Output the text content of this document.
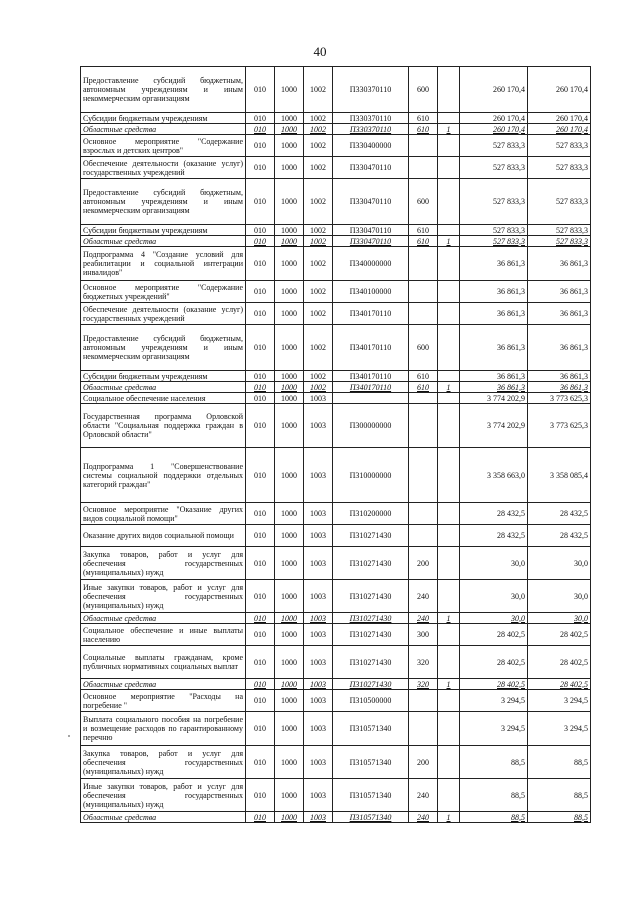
40
Предоставление субсидий бюджетным, автономным учреждениям и иным некоммерческим организациям	010	1000	1002	П330370110	600		260 170,4	260 170,4
Субсидии бюджетным учреждениям	010	1000	1002	П330370110	610		260 170,4	260 170,4
Областные средства	010	1000	1002	П330370110	610	1	260 170,4	260 170,4
Основное мероприятие "Содержание взрослых и детских центров"	010	1000	1002	П330400000			527 833,3	527 833,3
Обеспечение деятельности (оказание услуг) государственных учреждений	010	1000	1002	П330470110			527 833,3	527 833,3
Предоставление субсидий бюджетным, автономным учреждениям и иным некоммерческим организациям	010	1000	1002	П330470110	600		527 833,3	527 833,3
Субсидии бюджетным учреждениям	010	1000	1002	П330470110	610		527 833,3	527 833,3
Областные средства	010	1000	1002	П330470110	610	1	527 833,3	527 833,3
Подпрограмма 4 "Создание условий для реабилитации и социальной интеграции инвалидов"	010	1000	1002	П340000000			36 861,3	36 861,3
Основное мероприятие "Содержание бюджетных учреждений"	010	1000	1002	П340100000			36 861,3	36 861,3
Обеспечение деятельности (оказание услуг) государственных учреждений	010	1000	1002	П340170110			36 861,3	36 861,3
Предоставление субсидий бюджетным, автономным учреждениям и иным некоммерческим организациям	010	1000	1002	П340170110	600		36 861,3	36 861,3
Субсидии бюджетным учреждениям	010	1000	1002	П340170110	610		36 861,3	36 861,3
Областные средства	010	1000	1002	П340170110	610	1	36 861,3	36 861,3
Социальное обеспечение населения	010	1000	1003				3 774 202,9	3 773 625,3
Государственная программа Орловской области "Социальная поддержка граждан в Орловской области"	010	1000	1003	П300000000			3 774 202,9	3 773 625,3
Подпрограмма 1 "Совершенствование системы социальной поддержки отдельных категорий граждан"	010	1000	1003	П310000000			3 358 663,0	3 358 085,4
Основное мероприятие "Оказание других видов социальной помощи"	010	1000	1003	П310200000			28 432,5	28 432,5
Оказание других видов социальной помощи	010	1000	1003	П310271430			28 432,5	28 432,5
Закупка товаров, работ и услуг для обеспечения государственных (муниципальных) нужд	010	1000	1003	П310271430	200		30,0	30,0
Иные закупки товаров, работ и услуг для обеспечения государственных (муниципальных) нужд	010	1000	1003	П310271430	240		30,0	30,0
Областные средства	010	1000	1003	П310271430	240	1	30,0	30,0
Социальное обеспечение и иные выплаты населению	010	1000	1003	П310271430	300		28 402,5	28 402,5
Социальные выплаты гражданам, кроме публичных нормативных социальных выплат	010	1000	1003	П310271430	320		28 402,5	28 402,5
Областные средства	010	1000	1003	П310271430	320	1	28 402,5	28 402,5
Основное мероприятие "Расходы на погребение "	010	1000	1003	П310500000			3 294,5	3 294,5
Выплата социального пособия на погребение и возмещение расходов по гарантированному перечню	010	1000	1003	П310571340			3 294,5	3 294,5
Закупка товаров, работ и услуг для обеспечения государственных (муниципальных) нужд	010	1000	1003	П310571340	200		88,5	88,5
Иные закупки товаров, работ и услуг для обеспечения государственных (муниципальных) нужд	010	1000	1003	П310571340	240		88,5	88,5
Областные средства	010	1000	1003	П310571340	240	1	88,5	88,5
